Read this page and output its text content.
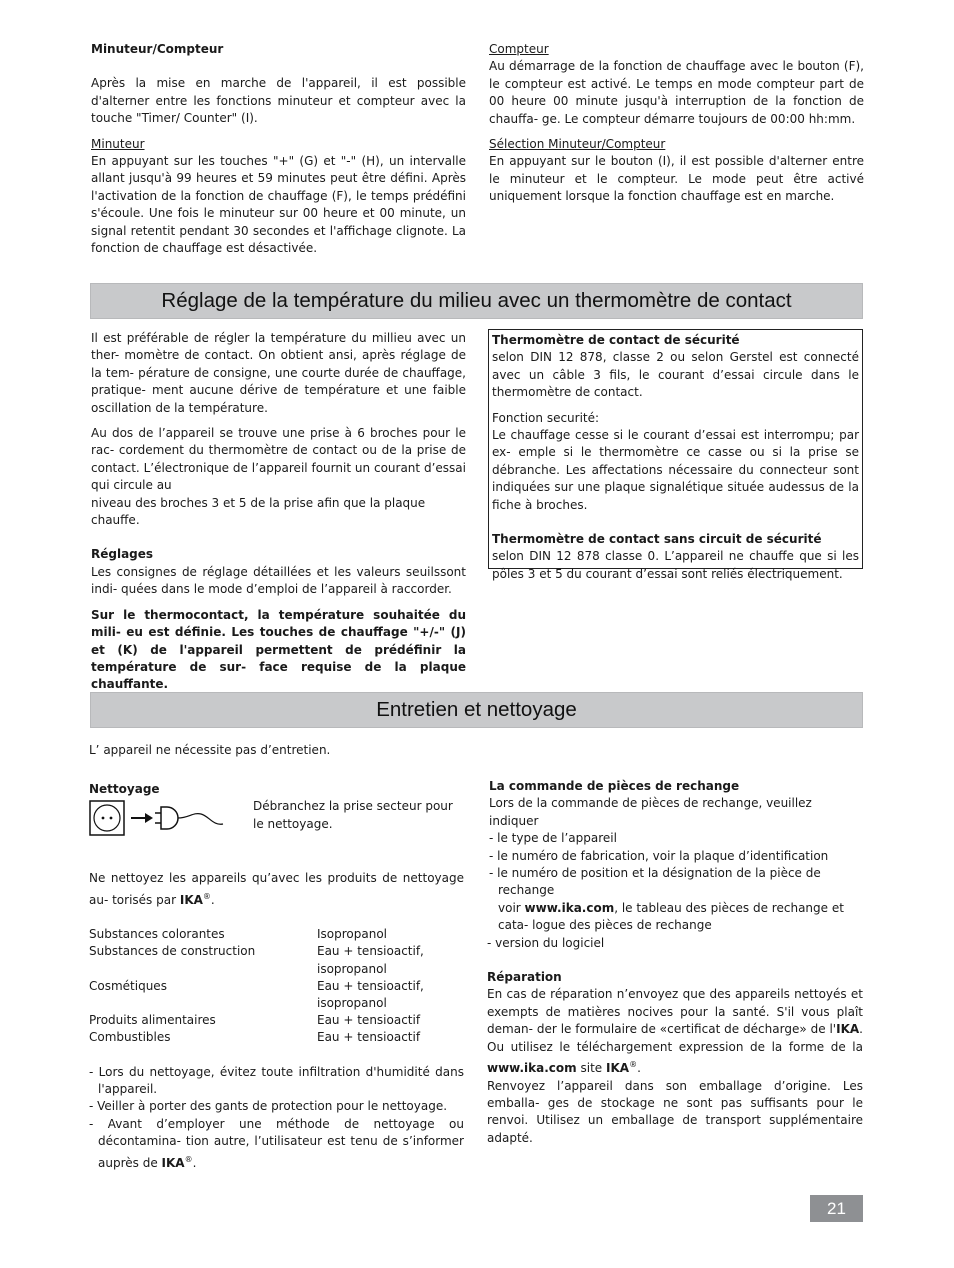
Minuteur/Compteur

Après la mise en marche de l'appareil, il est possible d'alterner entre les fonctions minuteur et compteur avec la touche "Timer/ Counter" (I).

Minuteur

En appuyant sur les touches "+" (G) et "-" (H), un intervalle allant jusqu'à 99 heures et 59 minutes peut être défini. Après l'activation de la fonction de chauffage (F), le temps prédéfini s'écoule. Une fois le minuteur sur 00 heure et 00 minute, un signal retentit pendant 30 secondes et l'affichage clignote. La fonction de chauffage est désactivée.

Compteur

Au démarrage de la fonction de chauffage avec le bouton (F), le compteur est activé. Le temps en mode compteur part de 00 heure 00 minute jusqu'à interruption de la fonction de chauffa- ge. Le compteur démarre toujours de 00:00 hh:mm.

Sélection Minuteur/Compteur

En appuyant sur le bouton (I), il est possible d'alterner entre le minuteur et le compteur. Le mode peut être activé uniquement lorsque la fonction chauffage est en marche.

Réglage de la température du milieu avec un thermomètre de contact

Il est préférable de régler la température du millieu avec un ther- momètre de contact. On obtient ansi, après réglage de la tem- pérature de consigne, une courte durée de chauffage, pratique- ment aucune dérive de température et une faible oscillation de la température.

Au dos de l’appareil se trouve une prise à 6 broches pour le rac- cordement du thermomètre de contact ou de la prise de contact. L’électronique de l’appareil fournit un courant d’essai qui circule au

niveau des broches 3 et 5 de la prise afin que la plaque chauffe.

Réglages

Les consignes de réglage détaillées et les valeurs seuilssont indi- quées dans le mode d’emploi de l’appareil à raccorder.

Sur le thermocontact, la température souhaitée du mili- eu est définie. Les touches de chauffage "+/-" (J) et (K) de l'appareil permettent de prédéfinir la température de sur- face requise de la plaque chauffante.

Thermomètre de contact de sécurité

selon DIN 12 878, classe 2 ou selon Gerstel est connecté avec un câble 3 fils, le courant d’essai circule dans le thermomètre de contact.

Fonction securité:

Le chauffage cesse si le courant d’essai est interrompu; par ex- emple si le thermomètre ce casse ou si la prise se débranche. Les affectations nécessaire du connecteur sont indiquées sur une plaque signalétique située audessus de la fiche à broches.

Thermomètre de contact sans circuit de sécurité

selon DIN 12 878 classe 0. L’appareil ne chauffe que si les pôles 3 et 5 du courant d’essai sont reliés électriquement.

Entretien et nettoyage

L’ appareil ne nécessite pas d’entretien.

Nettoyage

Débranchez la prise secteur pour le nettoyage.

Ne nettoyez les appareils qu’avec les produits de nettoyage au- torisés par IKA®.

Substances colorantes	Isopropanol
Substances de construction	Eau + tensioactif, isopropanol
Cosmétiques	Eau + tensioactif, isopropanol
Produits alimentaires	Eau + tensioactif
Combustibles	Eau + tensioactif

- Lors du nettoyage, évitez toute infiltration d'humidité dans l'appareil.

- Veiller à porter des gants de protection pour le nettoyage.

- Avant d’employer une méthode de nettoyage ou décontamina- tion autre, l’utilisateur est tenu de s’informer auprès de IKA®.

La commande de pièces de rechange

Lors de la commande de pièces de rechange, veuillez indiquer

- le type de l’appareil

- le numéro de fabrication, voir la plaque d’identification

- le numéro de position et la désignation de la pièce de rechange

voir www.ika.com, le tableau des pièces de rechange et cata- logue des pièces de rechange

- version du logiciel

Réparation

En cas de réparation n’envoyez que des appareils nettoyés et exempts de matières nocives pour la santé. S'il vous plaît deman- der le formulaire de «certificat de décharge» de l'IKA. Ou utilisez le téléchargement expression de la forme de la www.ika.com site IKA®.

Renvoyez l’appareil dans son emballage d’origine. Les emballa- ges de stockage ne sont pas suffisants pour le renvoi. Utilisez un emballage de transport supplémentaire adapté.

21
